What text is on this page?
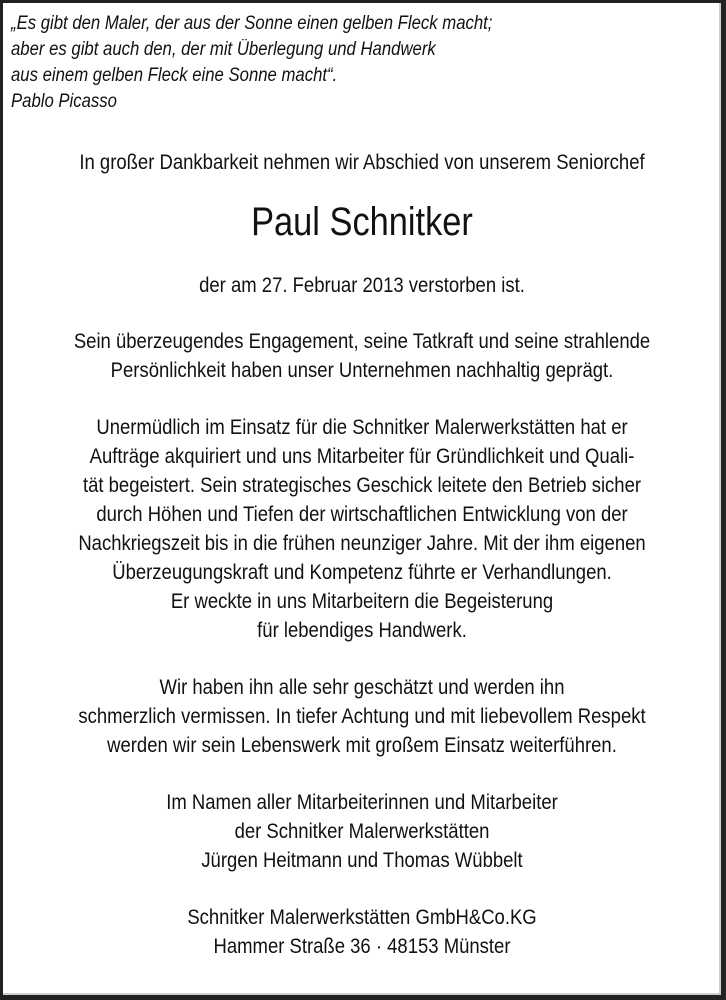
„Es gibt den Maler, der aus der Sonne einen gelben Fleck macht;
aber es gibt auch den, der mit Überlegung und Handwerk
aus einem gelben Fleck eine Sonne macht“.
Pablo Picasso
In großer Dankbarkeit nehmen wir Abschied von unserem Seniorchef
Paul Schnitker
der am 27. Februar 2013 verstorben ist.
Sein überzeugendes Engagement, seine Tatkraft und seine strahlende
Persönlichkeit haben unser Unternehmen nachhaltig geprägt.
Unermüdlich im Einsatz für die Schnitker Malerwerkstätten hat er
Aufträge akquiriert und uns Mitarbeiter für Gründlichkeit und Quali-
tät begeistert. Sein strategisches Geschick leitete den Betrieb sicher
durch Höhen und Tiefen der wirtschaftlichen Entwicklung von der
Nachkriegszeit bis in die frühen neunziger Jahre. Mit der ihm eigenen
Überzeugungskraft und Kompetenz führte er Verhandlungen.
Er weckte in uns Mitarbeitern die Begeisterung
für lebendiges Handwerk.
Wir haben ihn alle sehr geschätzt und werden ihn
schmerzlich vermissen. In tiefer Achtung und mit liebevollem Respekt
werden wir sein Lebenswerk mit großem Einsatz weiterführen.
Im Namen aller Mitarbeiterinnen und Mitarbeiter
der Schnitker Malerwerkstätten
Jürgen Heitmann und Thomas Wübbelt
Schnitker Malerwerkstätten GmbH&Co.KG
Hammer Straße 36 · 48153 Münster
